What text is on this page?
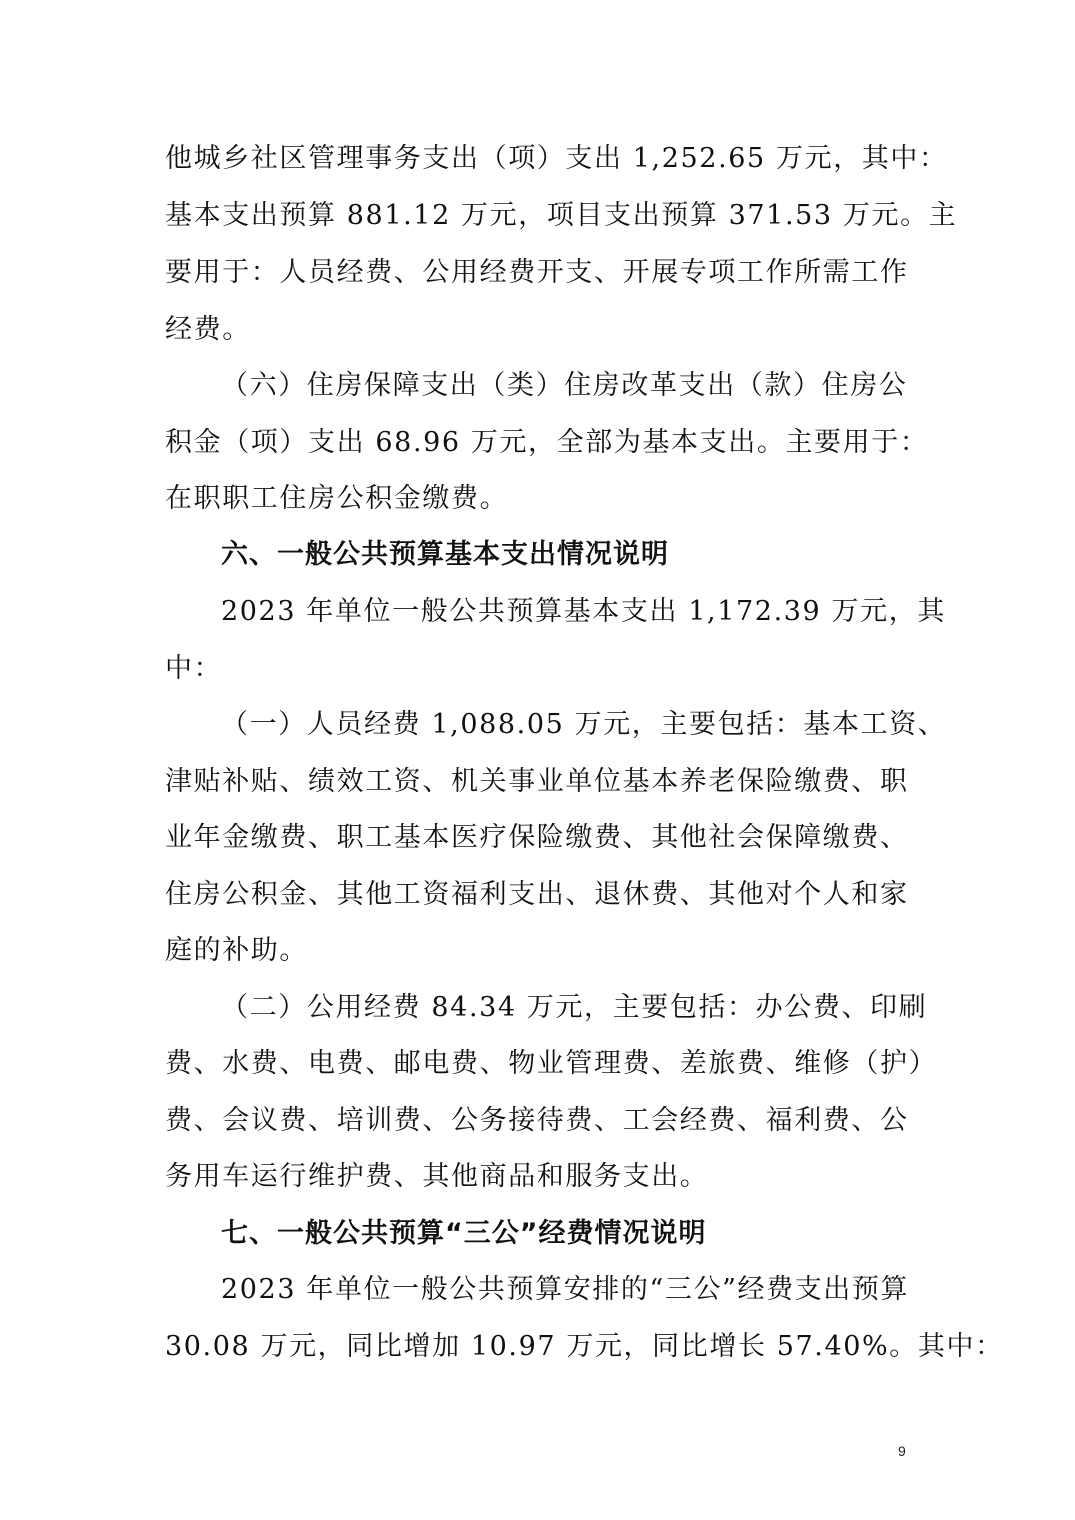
他城乡社区管理事务支出（项）支出 1,252.65 万元，其中：
基本支出预算 881.12 万元，项目支出预算 371.53 万元。主
要用于：人员经费、公用经费开支、开展专项工作所需工作
经费。
（六）住房保障支出（类）住房改革支出（款）住房公
积金（项）支出 68.96 万元，全部为基本支出。主要用于：
在职职工住房公积金缴费。
六、一般公共预算基本支出情况说明
2023 年单位一般公共预算基本支出 1,172.39 万元，其
中：
（一）人员经费 1,088.05 万元，主要包括：基本工资、
津贴补贴、绩效工资、机关事业单位基本养老保险缴费、职
业年金缴费、职工基本医疗保险缴费、其他社会保障缴费、
住房公积金、其他工资福利支出、退休费、其他对个人和家
庭的补助。
（二）公用经费 84.34 万元，主要包括：办公费、印刷
费、水费、电费、邮电费、物业管理费、差旅费、维修（护）
费、会议费、培训费、公务接待费、工会经费、福利费、公
务用车运行维护费、其他商品和服务支出。
七、一般公共预算“三公”经费情况说明
2023 年单位一般公共预算安排的“三公”经费支出预算
30.08 万元，同比增加 10.97 万元，同比增长 57.40%。其中：
9
